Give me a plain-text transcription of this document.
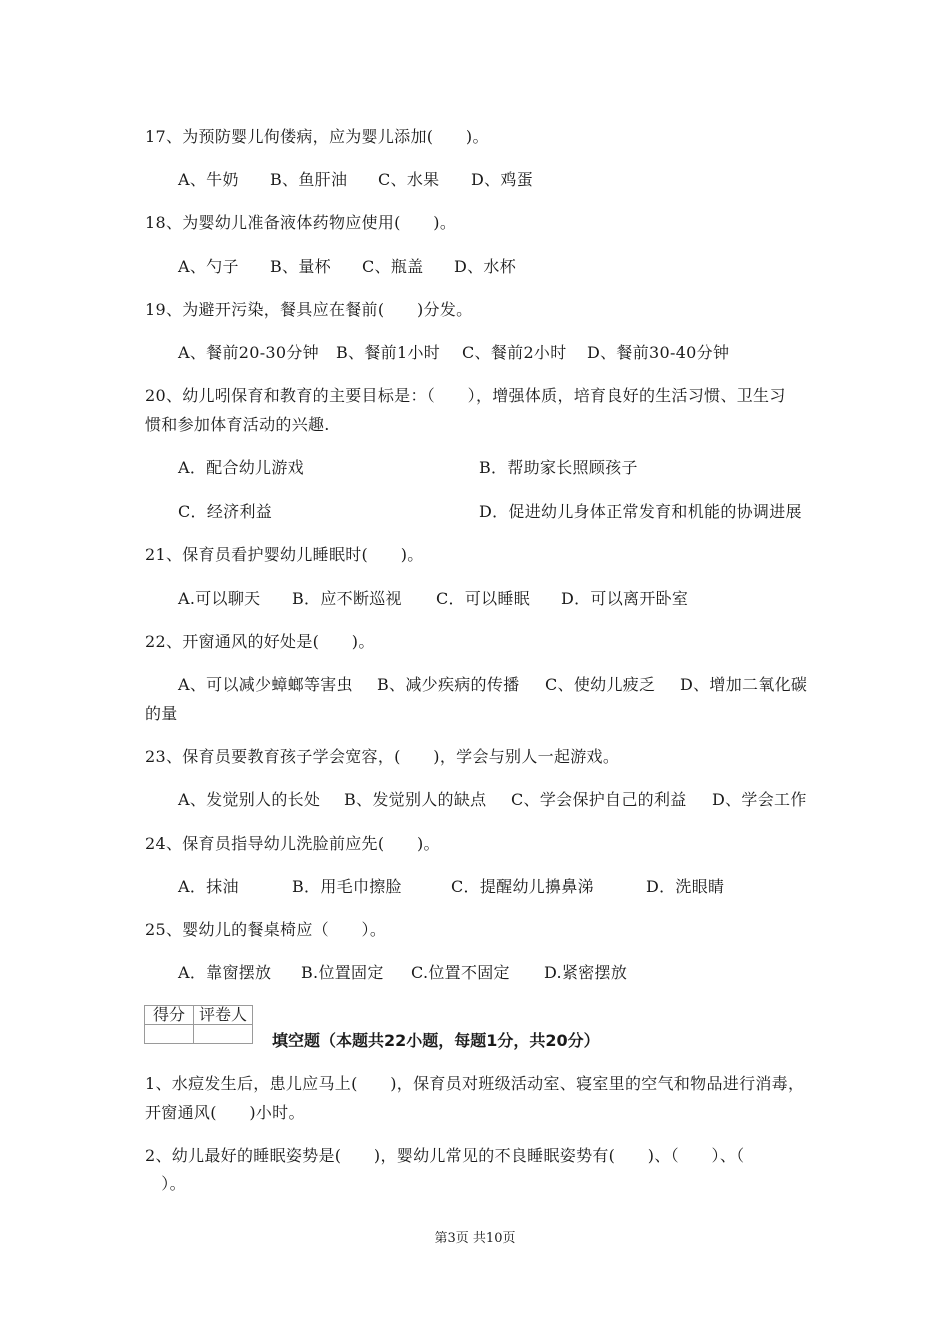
17、为预防婴儿佝偻病，应为婴儿添加(　　)。
A、牛奶 B、鱼肝油 C、水果 D、鸡蛋
18、为婴幼儿准备液体药物应使用(　　)。
A、勺子 B、量杯 C、瓶盖 D、水杯
19、为避开污染，餐具应在餐前(　　)分发。
A、餐前20-30分钟 B、餐前1小时 C、餐前2小时 D、餐前30-40分钟
20、幼儿吲保育和教育的主要目标是：（　　），增强体质，培育良好的生活习惯、卫生习
惯和参加体育活动的兴趣.
A．配合幼儿游戏	B．帮助家长照顾孩子
C．经济利益	D．促进幼儿身体正常发育和机能的协调进展
21、保育员看护婴幼儿睡眠时(　　)。
A.可以聊天 B．应不断巡视 C．可以睡眠 D．可以离开卧室
22、开窗通风的好处是(　　)。
A、可以减少蟑螂等害虫 B、减少疾病的传播 C、使幼儿疲乏 D、增加二氧化碳
的量
23、保育员要教育孩子学会宽容，(　　)，学会与别人一起游戏。
A、发觉别人的长处 B、发觉别人的缺点 C、学会保护自己的利益 D、学会工作
24、保育员指导幼儿洗脸前应先(　　)。
A．抹油	B．用毛巾擦脸	C．提醒幼儿擤鼻涕	D．洗眼睛
25、婴幼儿的餐桌椅应（　　）。
A．靠窗摆放 B.位置固定 C.位置不固定 D.紧密摆放
得分	评卷人

填空题（本题共22小题，每题1分，共20分）
1、水痘发生后，患儿应马上(　　)，保育员对班级活动室、寝室里的空气和物品进行消毒，
开窗通风(　　)小时。
2、幼儿最好的睡眠姿势是(　　)，婴幼儿常见的不良睡眠姿势有(　　)、（　　）、（
　）。
第3页 共10页
